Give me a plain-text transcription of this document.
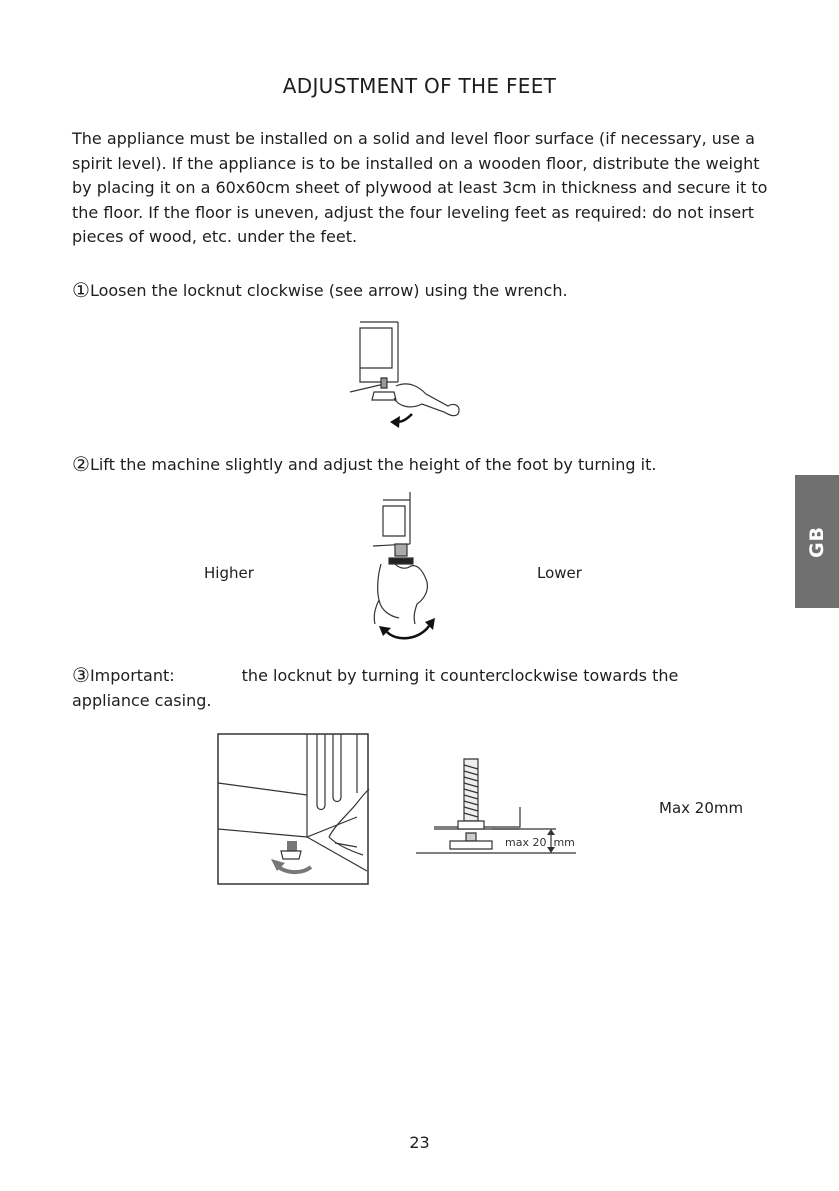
ADJUSTMENT OF THE FEET
The appliance must be installed on a solid and level floor surface (if necessary, use a spirit level). If the appliance is to be installed on a wooden floor, distribute the weight by placing it on a 60x60cm sheet of plywood at least 3cm in thickness and secure it to the floor. If the floor is uneven, adjust the four leveling feet as required: do not insert pieces of wood, etc. under the feet.
①Loosen the locknut clockwise (see arrow) using the wrench.
②Lift the machine slightly and adjust the height of the foot by turning it.
Higher	Lower
③Important:	the locknut by turning it counterclockwise towards the
appliance casing.
max 20  mm
Max 20mm
GB
23
